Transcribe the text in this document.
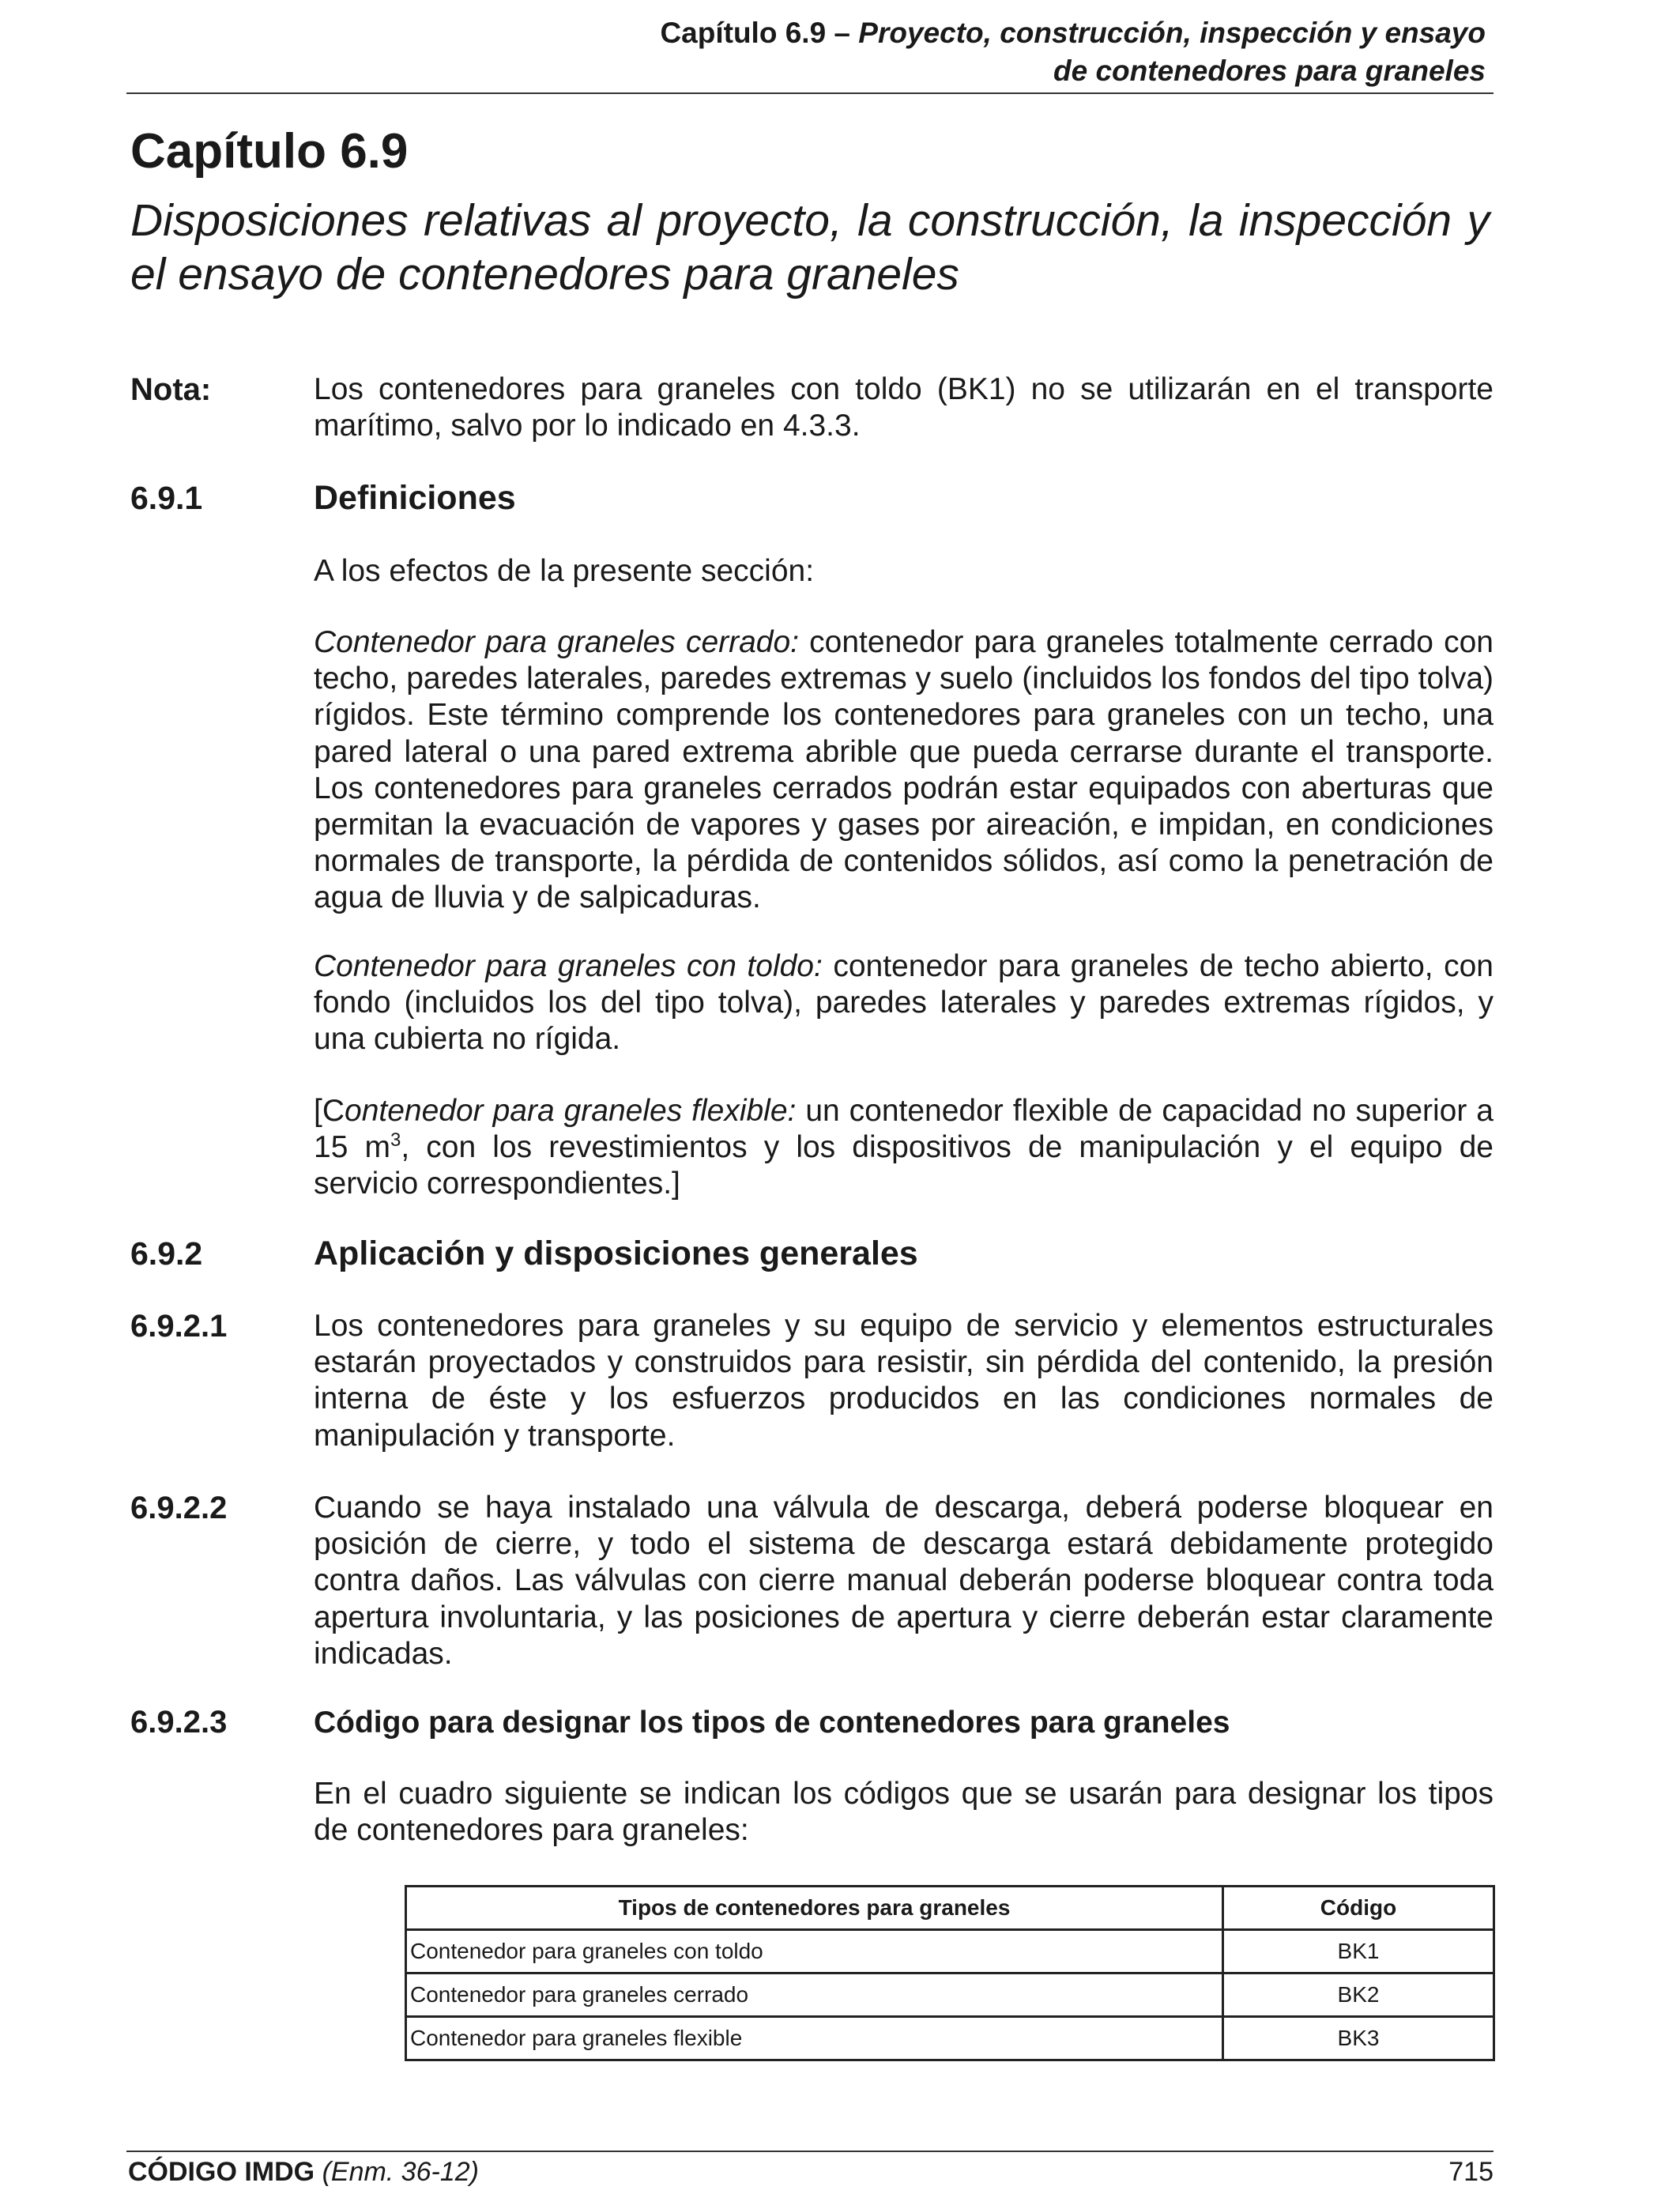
Capítulo 6.9 – Proyecto, construcción, inspección y ensayo
de contenedores para graneles
Capítulo 6.9
Disposiciones relativas al proyecto, la construcción, la inspección y el ensayo de contenedores para graneles
Nota:	Los contenedores para graneles con toldo (BK1) no se utilizarán en el transporte marítimo, salvo por lo indicado en 4.3.3.
6.9.1	Definiciones
A los efectos de la presente sección:
Contenedor para graneles cerrado: contenedor para graneles totalmente cerrado con techo, paredes laterales, paredes extremas y suelo (incluidos los fondos del tipo tolva) rígidos. Este término comprende los contenedores para graneles con un techo, una pared lateral o una pared extrema abrible que pueda cerrarse durante el transporte. Los contenedores para graneles cerrados podrán estar equipados con aberturas que permitan la evacuación de vapores y gases por aireación, e impidan, en condiciones normales de transporte, la pérdida de contenidos sólidos, así como la penetración de agua de lluvia y de salpicaduras.
Contenedor para graneles con toldo: contenedor para graneles de techo abierto, con fondo (incluidos los del tipo tolva), paredes laterales y paredes extremas rígidos, y una cubierta no rígida.
[Contenedor para graneles flexible: un contenedor flexible de capacidad no superior a 15 $m^3$, con los revestimientos y los dispositivos de manipulación y el equipo de servicio correspondientes.]
6.9.2	Aplicación y disposiciones generales
6.9.2.1	Los contenedores para graneles y su equipo de servicio y elementos estructurales estarán proyectados y construidos para resistir, sin pérdida del contenido, la presión interna de éste y los esfuerzos producidos en las condiciones normales de manipulación y transporte.
6.9.2.2	Cuando se haya instalado una válvula de descarga, deberá poderse bloquear en posición de cierre, y todo el sistema de descarga estará debidamente protegido contra daños. Las válvulas con cierre manual deberán poderse bloquear contra toda apertura involuntaria, y las posiciones de apertura y cierre deberán estar claramente indicadas.
6.9.2.3	Código para designar los tipos de contenedores para graneles
En el cuadro siguiente se indican los códigos que se usarán para designar los tipos de contenedores para graneles:
Tipos de contenedores para graneles	Código
Contenedor para graneles con toldo	BK1
Contenedor para graneles cerrado	BK2
Contenedor para graneles flexible	BK3
CÓDIGO IMDG (Enm. 36-12)	715
